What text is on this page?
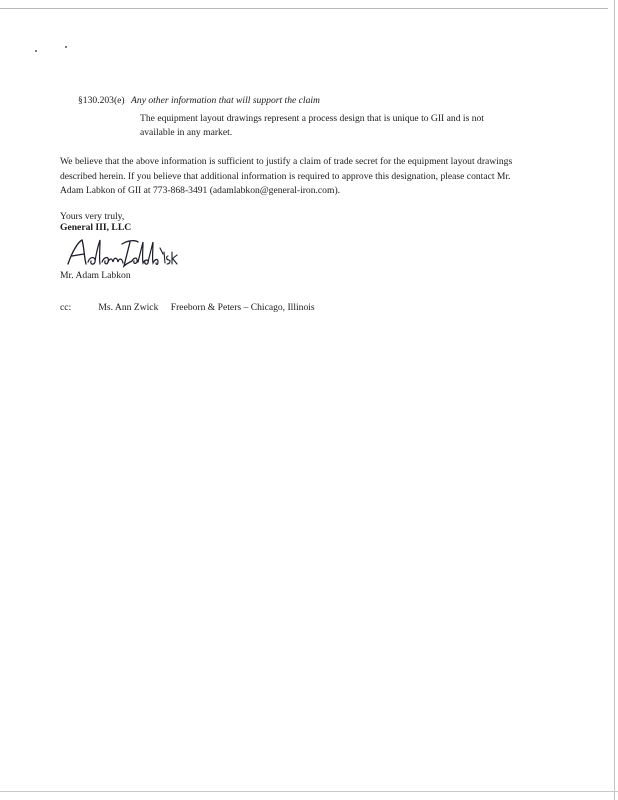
§130.203(e) Any other information that will support the claim
The equipment layout drawings represent a process design that is unique to GII and is not available in any market.
We believe that the above information is sufficient to justify a claim of trade secret for the equipment layout drawings described herein. If you believe that additional information is required to approve this designation, please contact Mr. Adam Labkon of GII at 773-868-3491 (adamlabkon@general-iron.com).
Yours very truly,
General III, LLC
Mr. Adam Labkon
cc:	Ms. Ann Zwick Freeborn & Peters – Chicago, Illinois
